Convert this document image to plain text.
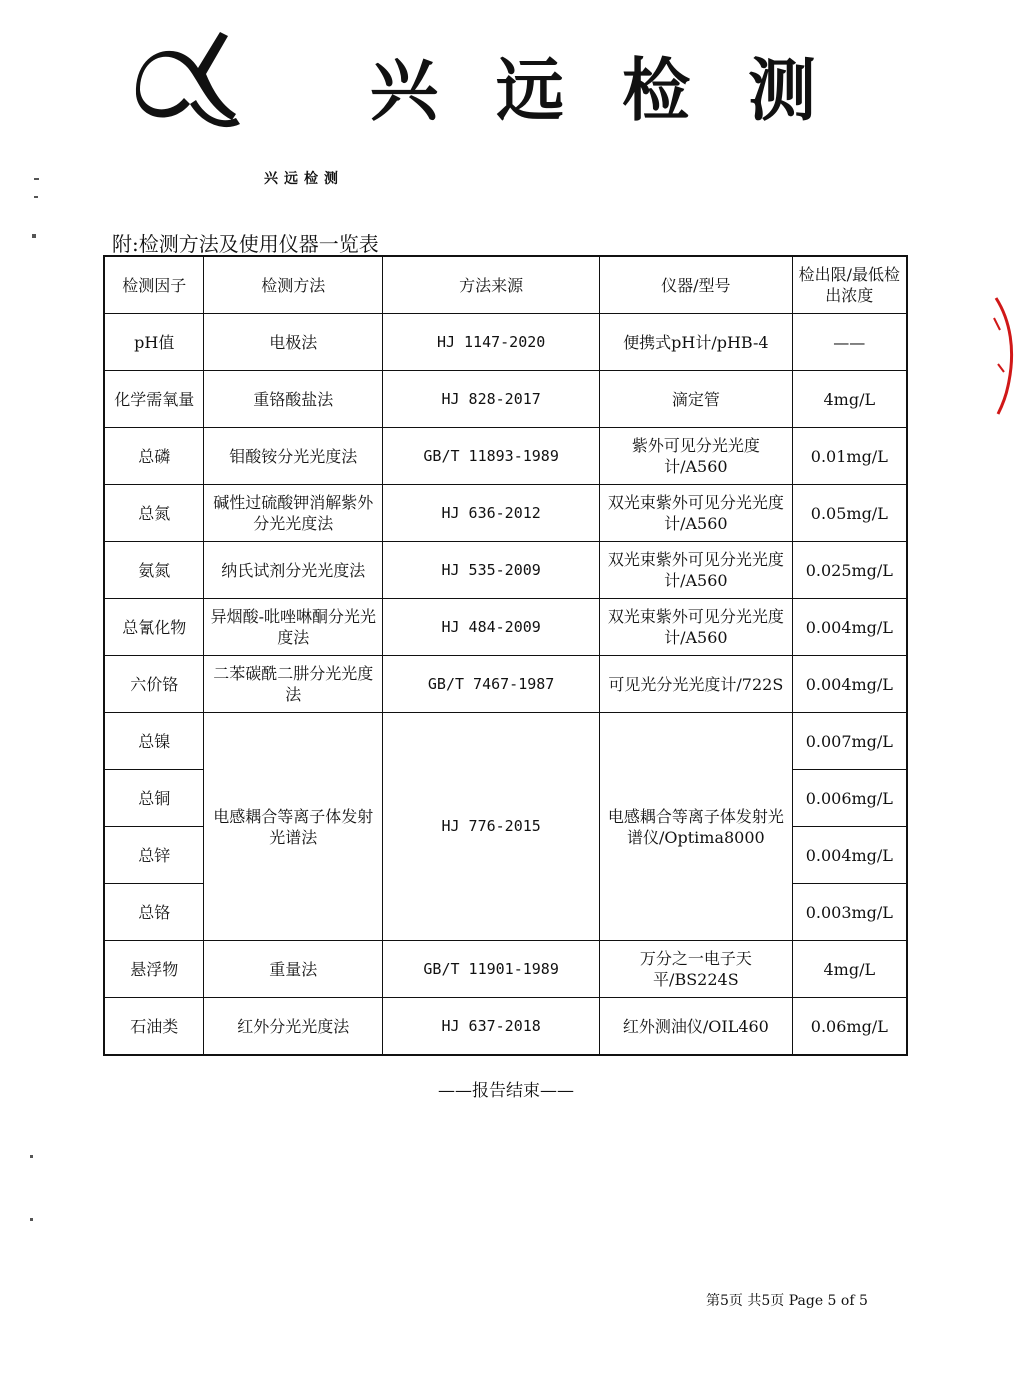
兴远检测
兴远检测
附:检测方法及使用仪器一览表
检测因子	检测方法	方法来源	仪器/型号	检出限/最低检出浓度
pH值	电极法	HJ 1147-2020	便携式pH计/pHB-4	——
化学需氧量	重铬酸盐法	HJ 828-2017	滴定管	4mg/L
总磷	钼酸铵分光光度法	GB/T 11893-1989	紫外可见分光光度计/A560	0.01mg/L
总氮	碱性过硫酸钾消解紫外分光光度法	HJ 636-2012	双光束紫外可见分光光度计/A560	0.05mg/L
氨氮	纳氏试剂分光光度法	HJ 535-2009	双光束紫外可见分光光度计/A560	0.025mg/L
总氰化物	异烟酸-吡唑啉酮分光光度法	HJ 484-2009	双光束紫外可见分光光度计/A560	0.004mg/L
六价铬	二苯碳酰二肼分光光度法	GB/T 7467-1987	可见光分光光度计/722S	0.004mg/L
总镍	电感耦合等离子体发射光谱法	HJ 776-2015	电感耦合等离子体发射光谱仪/Optima8000	0.007mg/L
总铜				0.006mg/L
总锌				0.004mg/L
总铬				0.003mg/L
悬浮物	重量法	GB/T 11901-1989	万分之一电子天平/BS224S	4mg/L
石油类	红外分光光度法	HJ 637-2018	红外测油仪/OIL460	0.06mg/L
——报告结束——
第5页 共5页 Page 5 of 5
